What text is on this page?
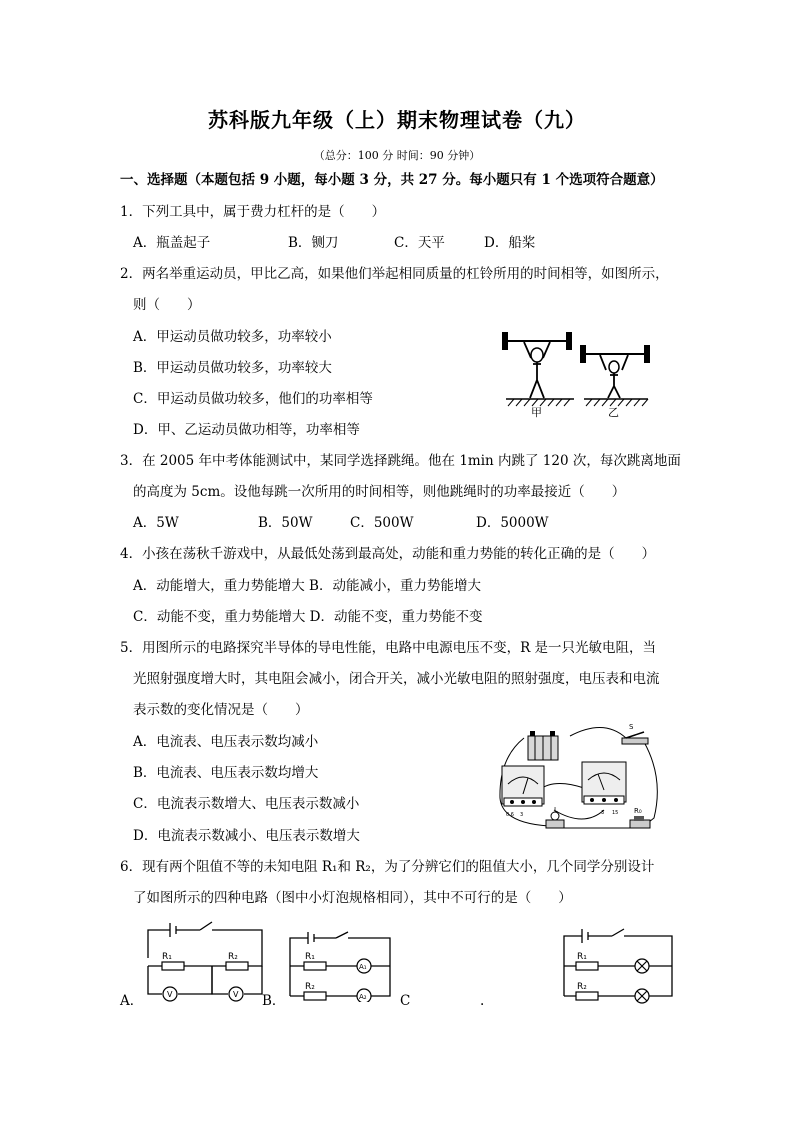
苏科版九年级（上）期末物理试卷（九）
（总分：100 分 时间：90 分钟）
一、选择题（本题包括 9 小题，每小题 3 分，共 27 分。每小题只有 1 个选项符合题意）
1．下列工具中，属于费力杠杆的是（　　）
A．瓶盖起子	B．铡刀	C．天平	D．船桨
2．两名举重运动员，甲比乙高，如果他们举起相同质量的杠铃所用的时间相等，如图所示，
则（　　）
A．甲运动员做功较多，功率较小
B．甲运动员做功较多，功率较大
C．甲运动员做功较多，他们的功率相等
D．甲、乙运动员做功相等，功率相等
甲	乙
3．在 2005 年中考体能测试中，某同学选择跳绳。他在 1min 内跳了 120 次，每次跳离地面
的高度为 5cm。设他每跳一次所用的时间相等，则他跳绳时的功率最接近（　　）
A．5W	B．50W	C．500W	D．5000W
4．小孩在荡秋千游戏中，从最低处荡到最高处，动能和重力势能的转化正确的是（　　）
A．动能增大，重力势能增大 B．动能减小，重力势能增大
C．动能不变，重力势能增大 D．动能不变，重力势能不变
5．用图所示的电路探究半导体的导电性能，电路中电源电压不变，R 是一只光敏电阻，当
光照射强度增大时，其电阻会减小，闭合开关，减小光敏电阻的照射强度，电压表和电流
表示数的变化情况是（　　）
A．电流表、电压表示数均减小
B．电流表、电压表示数均增大
C．电流表示数增大、电压表示数减小
D．电流表示数减小、电压表示数增大
S
L	R₀
0.6 3	3 15
6．现有两个阻值不等的未知电阻 R₁和 R₂，为了分辨它们的阻值大小，几个同学分别设计
了如图所示的四种电路（图中小灯泡规格相同），其中不可行的是（　　）
A．	B．	C	.
R₁	R₂
V	V
R₁
R₂
A₁
A₂
R₁
R₂
